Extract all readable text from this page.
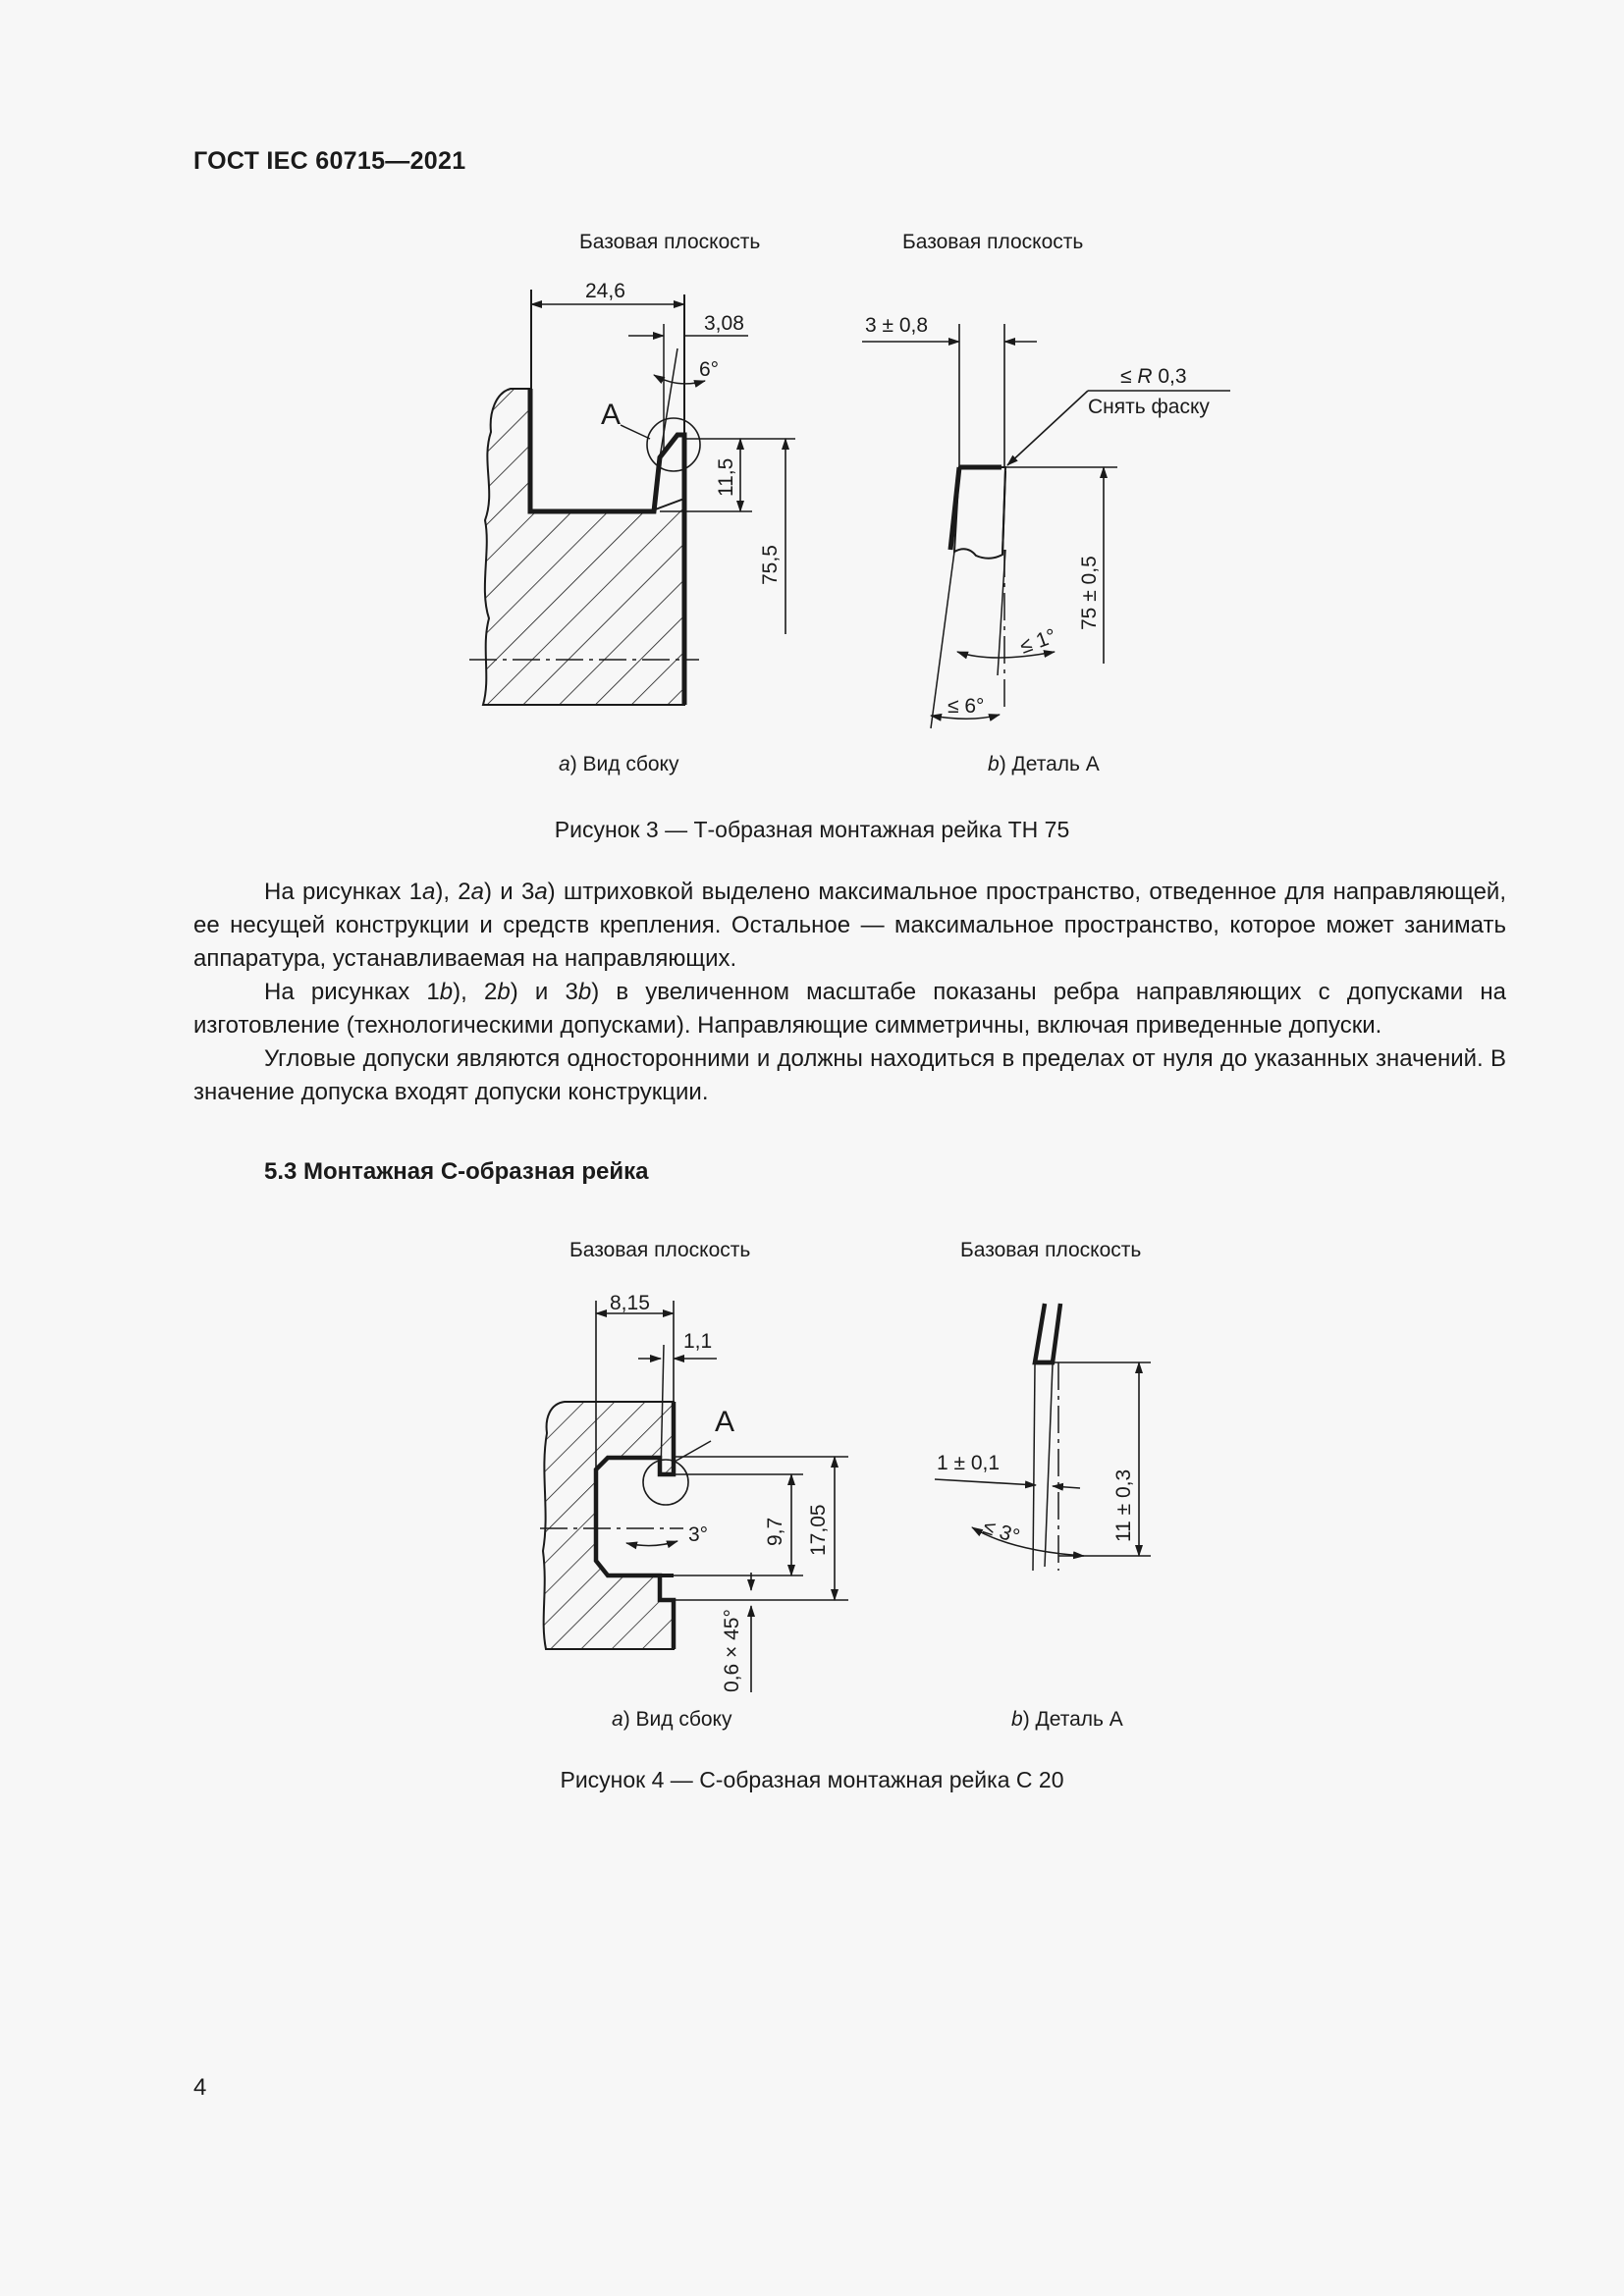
ГОСТ IEC 60715—2021
Базовая плоскость
24,6
3,08
6°
А
11,5
75,5
a) Вид сбоку
Базовая плоскость
3 ± 0,8
≤ R 0,3
Снять фаску
75 ± 0,5
≤ 1°
≤ 6°
b) Деталь А
Рисунок 3 — Т-образная монтажная рейка ТН 75

На рисунках 1a), 2a) и 3a) штриховкой выделено максимальное пространство, отведенное для направляющей, ее несущей конструкции и средств крепления. Остальное — максимальное пространство, которое может занимать аппаратура, устанавливаемая на направляющих.

На рисунках 1b), 2b) и 3b) в увеличенном масштабе показаны ребра направляющих с допусками на изготовление (технологическими допусками). Направляющие симметричны, включая приведенные допуски.

Угловые допуски являются односторонними и должны находиться в пределах от нуля до указанных значений. В значение допуска входят допуски конструкции.

5.3 Монтажная С-образная рейка
Базовая плоскость
8,15
1,1
А
3°	9,7 17,05
0,6 × 45°
a) Вид сбоку
Базовая плоскость
11 ± 0,3
1 ± 0,1
≤ 3°
b) Деталь А
Рисунок 4 — С-образная монтажная рейка С 20
4
